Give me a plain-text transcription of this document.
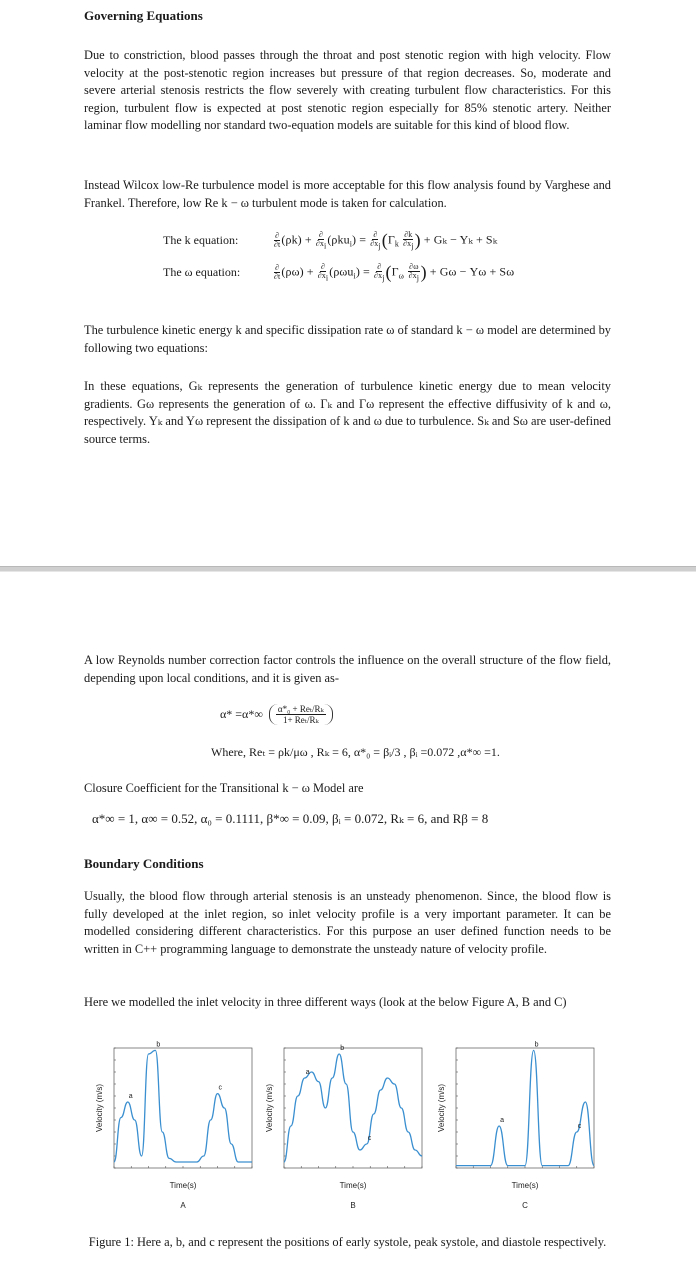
Governing Equations

Due to constriction, blood passes through the throat and post stenotic region with high velocity. Flow velocity at the post-stenotic region increases but pressure of that region decreases. So, moderate and severe arterial stenosis restricts the flow severely with creating turbulent flow characteristics. For this region, turbulent flow is expected at post stenotic region especially for 85% stenotic artery. Neither laminar flow modelling nor standard two-equation models are suitable for this kind of blood flow.

Instead Wilcox low-Re turbulence model is more acceptable for this flow analysis found by Varghese and Frankel. Therefore, low Re k − ω turbulent mode is taken for calculation.

The k equation:	$\frac{\partial}{\partial t} (\rho k) + \frac{\partial}{\partial x_i} (\rho ku_i) = \frac{\partial}{\partial x_j} (\Gamma_k \frac{\partial k}{\partial x_j}$ ) + Gₖ − Yₖ + Sₖ
The ω equation:	$\frac{\partial}{\partial t} (\rho\omega) + \frac{\partial}{\partial x_i} (\rho\omega u_i) = \frac{\partial}{\partial x_j} (\Gamma_\omega \frac{\partial\omega}{\partial x_j}$ ) + Gω − Yω + Sω

The turbulence kinetic energy k and specific dissipation rate ω of standard k − ω model are determined by following two equations:

In these equations, Gₖ represents the generation of turbulence kinetic energy due to mean velocity gradients. Gω represents the generation of ω. Γₖ and Γω represent the effective diffusivity of k and ω, respectively. Yₖ and Yω represent the dissipation of k and ω due to turbulence. Sₖ and Sω are user-defined source terms.

A low Reynolds number correction factor controls the influence on the overall structure of the flow field, depending upon local conditions, and it is given as-

$\alpha* =\alpha*\infty \frac{\text{α*₀ + Reₜ/Rₖ}}{\text{1+ Reₜ/Rₖ}}$

Where, Reₜ = ρk/μω , Rₖ = 6, α*₀ = βᵢ/3 , βᵢ =0.072 ,α*∞ =1.

Closure Coefficient for the Transitional k − ω Model are

α*∞ = 1, α∞ = 0.52, α₀ = 0.1111, β*∞ = 0.09, βᵢ = 0.072, Rₖ = 6, and Rβ = 8

Boundary Conditions

Usually, the blood flow through arterial stenosis is an unsteady phenomenon. Since, the blood flow is fully developed at the inlet region, so inlet velocity profile is a very important parameter. It can be modelled considering different characteristics. For this purpose an user defined function needs to be written in C++ programming language to demonstrate the unsteady nature of velocity profile.

Here we modelled the inlet velocity in three different ways (look at the below Figure A, B and C)

a
b
c
Velocity (m/s)
Time(s)
A
a
b
c
Velocity (m/s)
Time(s)
B
a
b
c
Velocity (m/s)
Time(s)
C
Figure 1: Here a, b, and c represent the positions of early systole, peak systole, and diastole respectively.
